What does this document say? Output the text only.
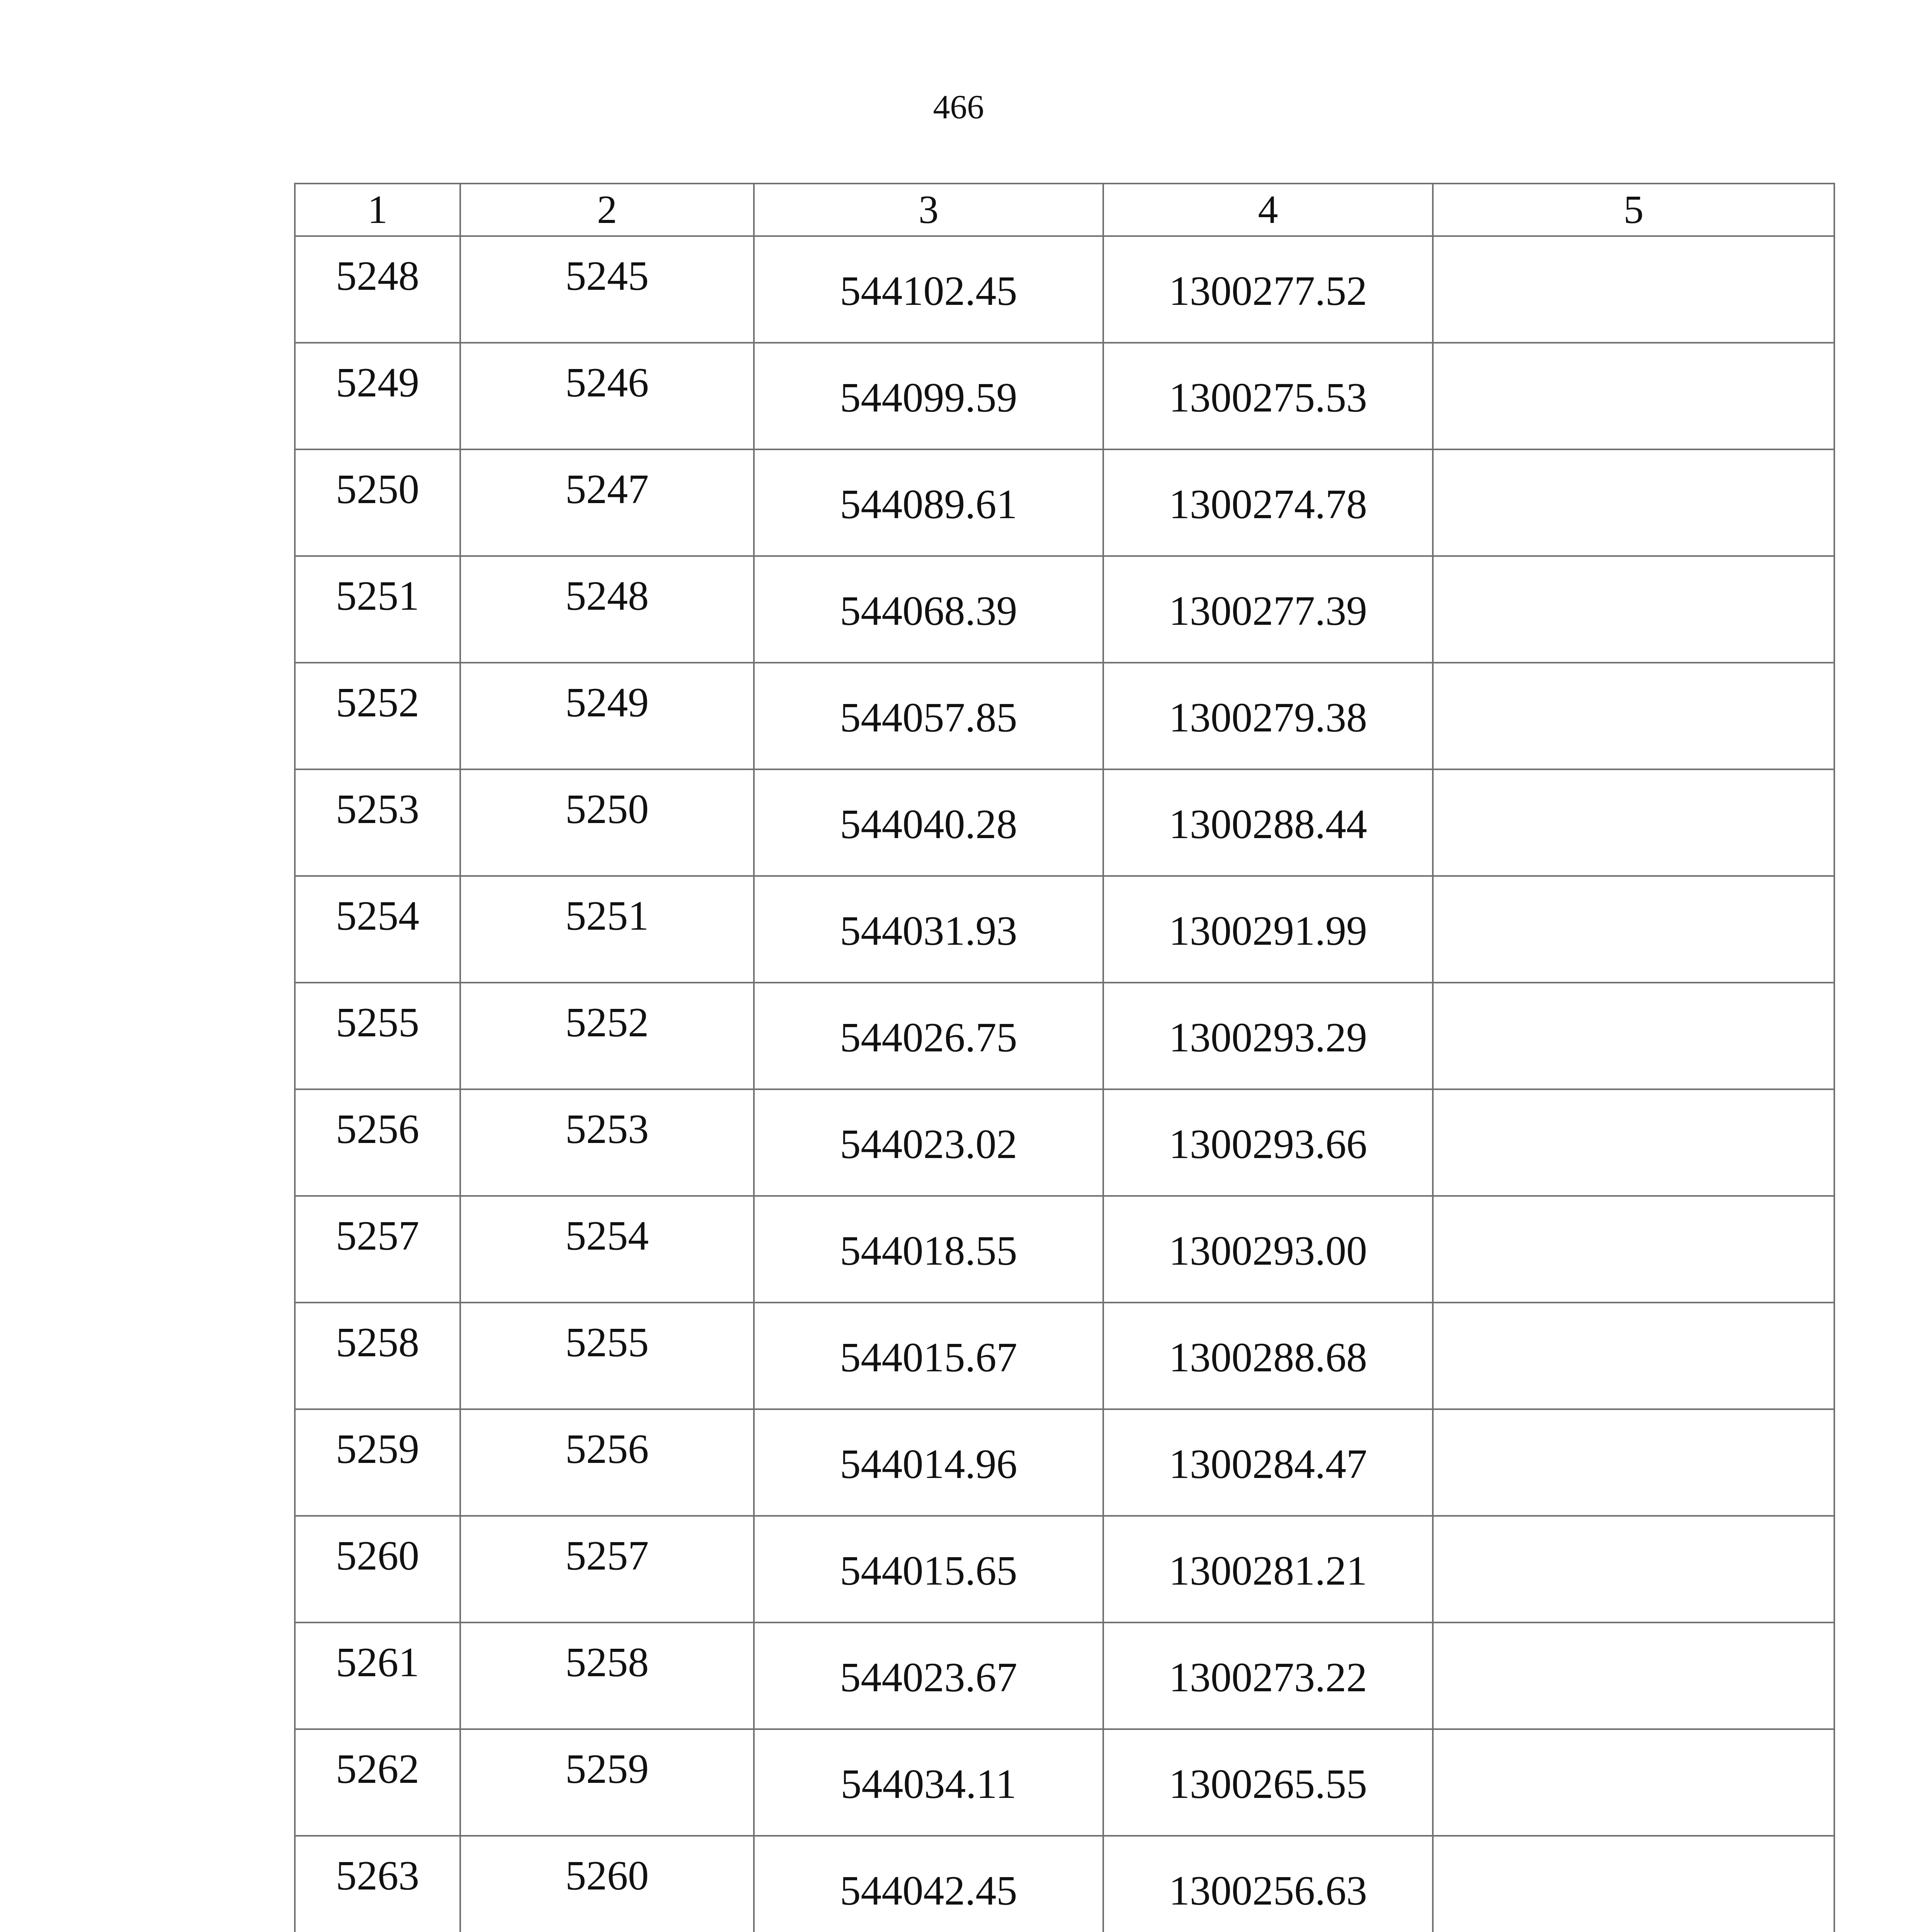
466
1	2	3	4	5
5248	5245	544102.45	1300277.52	
5249	5246	544099.59	1300275.53	
5250	5247	544089.61	1300274.78	
5251	5248	544068.39	1300277.39	
5252	5249	544057.85	1300279.38	
5253	5250	544040.28	1300288.44	
5254	5251	544031.93	1300291.99	
5255	5252	544026.75	1300293.29	
5256	5253	544023.02	1300293.66	
5257	5254	544018.55	1300293.00	
5258	5255	544015.67	1300288.68	
5259	5256	544014.96	1300284.47	
5260	5257	544015.65	1300281.21	
5261	5258	544023.67	1300273.22	
5262	5259	544034.11	1300265.55	
5263	5260	544042.45	1300256.63	
